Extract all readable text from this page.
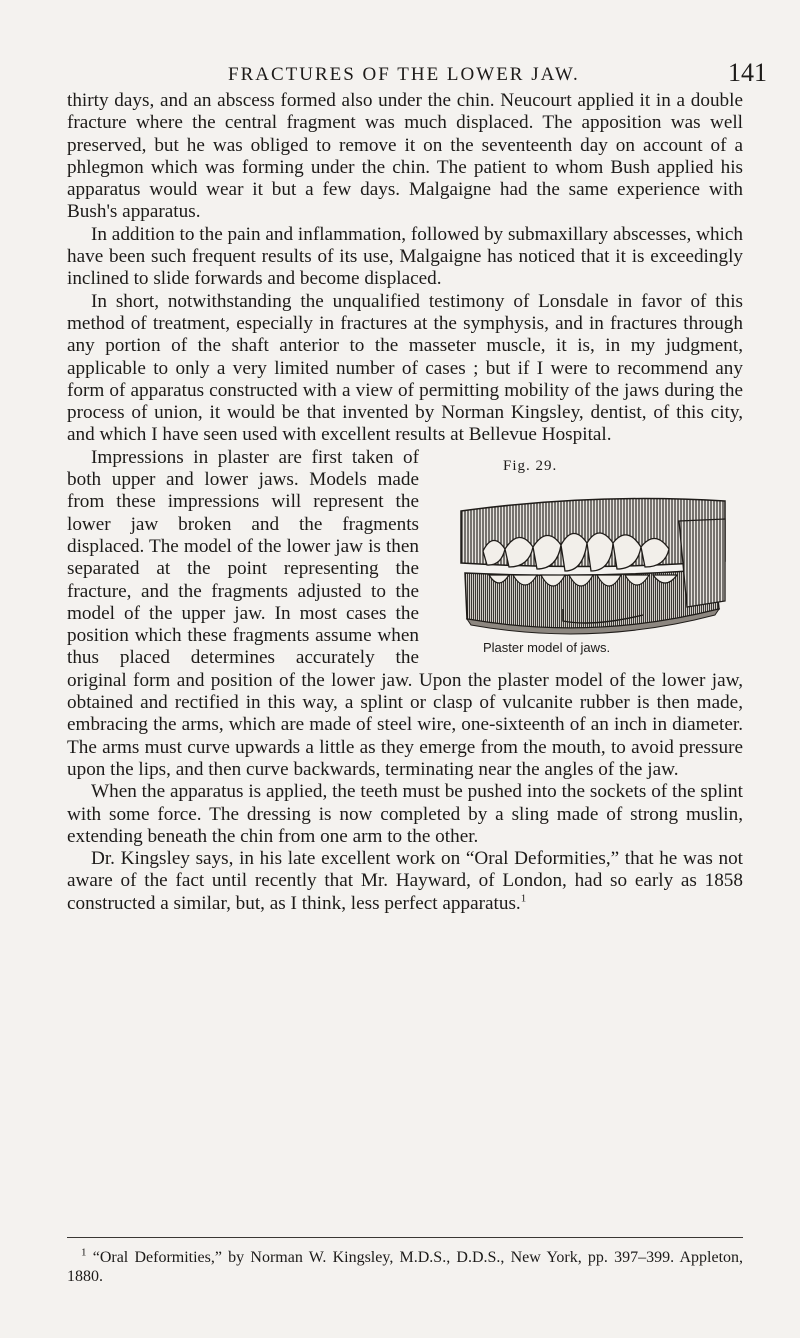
FRACTURES OF THE LOWER JAW.	141

thirty days, and an abscess formed also under the chin. Neucourt applied it in a double fracture where the central fragment was much displaced. The apposition was well preserved, but he was obliged to remove it on the seventeenth day on account of a phlegmon which was forming under the chin. The patient to whom Bush applied his apparatus would wear it but a few days. Malgaigne had the same experience with Bush's apparatus.

In addition to the pain and inflammation, followed by submaxillary abscesses, which have been such frequent results of its use, Malgaigne has noticed that it is exceedingly inclined to slide forwards and become displaced.

In short, notwithstanding the unqualified testimony of Lonsdale in favor of this method of treatment, especially in fractures at the symphysis, and in fractures through any portion of the shaft anterior to the masseter muscle, it is, in my judgment, applicable to only a very limited number of cases ; but if I were to recommend any form of apparatus constructed with a view of permitting mobility of the jaws during the process of union, it would be that invented by Norman Kingsley, dentist, of this city, and which I have seen used with excellent results at Bellevue Hospital.

Fig. 29.
Plaster model of jaws.

Impressions in plaster are first taken of both upper and lower jaws. Models made from these impressions will represent the lower jaw broken and the fragments displaced. The model of the lower jaw is then separated at the point representing the fracture, and the fragments adjusted to the model of the upper jaw. In most cases the position which these fragments assume when thus placed determines accurately the original form and position of the lower jaw. Upon the plaster model of the lower jaw, obtained and rectified in this way, a splint or clasp of vulcanite rubber is then made, embracing the arms, which are made of steel wire, one-sixteenth of an inch in diameter. The arms must curve upwards a little as they emerge from the mouth, to avoid pressure upon the lips, and then curve backwards, terminating near the angles of the jaw.

When the apparatus is applied, the teeth must be pushed into the sockets of the splint with some force. The dressing is now completed by a sling made of strong muslin, extending beneath the chin from one arm to the other.

Dr. Kingsley says, in his late excellent work on “Oral Deformities,” that he was not aware of the fact until recently that Mr. Hayward, of London, had so early as 1858 constructed a similar, but, as I think, less perfect apparatus.$^1$

$^1$ “Oral Deformities,” by Norman W. Kingsley, M.D.S., D.D.S., New York, pp. 397–399. Appleton, 1880.
